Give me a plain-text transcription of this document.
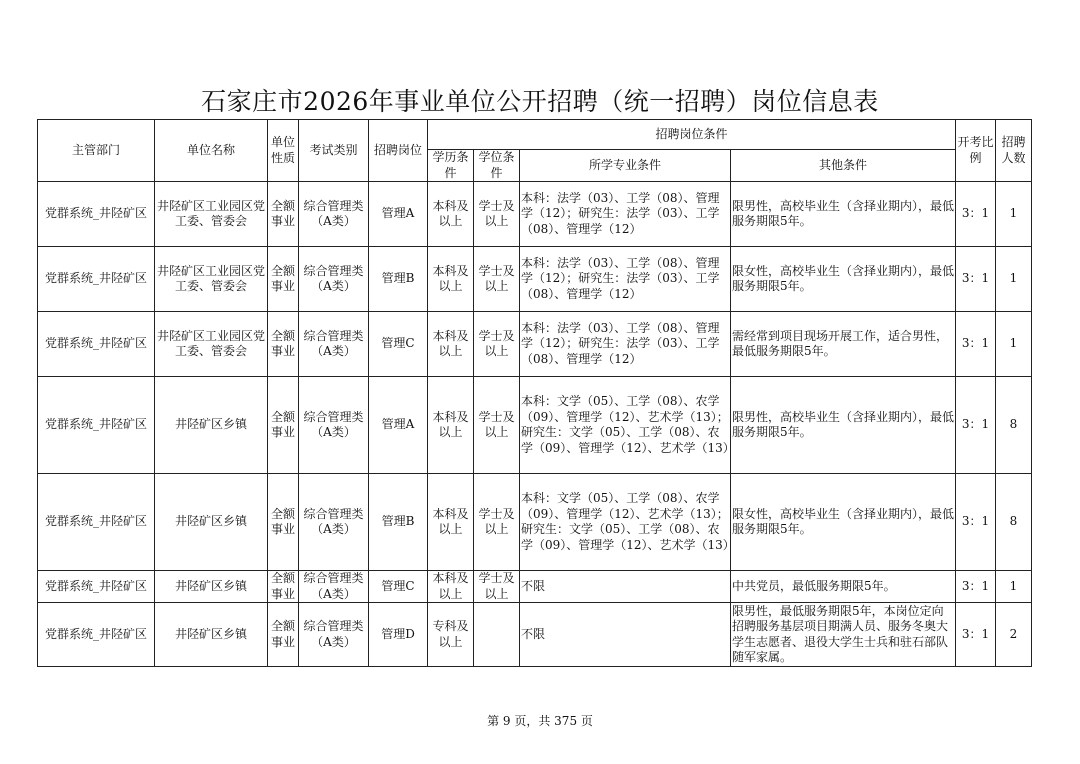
石家庄市2026年事业单位公开招聘（统一招聘）岗位信息表
主管部门	单位名称	单位性质	考试类别	招聘岗位	招聘岗位条件				开考比例	招聘人数
					学历条件	学位条件	所学专业条件	其他条件		
党群系统_井陉矿区	井陉矿区工业园区党工委、管委会	全额事业	综合管理类（A类）	管理A	本科及以上	学士及以上	本科：法学（03）、工学（08）、管理学（12）；研究生：法学（03）、工学（08）、管理学（12）	限男性，高校毕业生（含择业期内），最低服务期限5年。	3：1	1
党群系统_井陉矿区	井陉矿区工业园区党工委、管委会	全额事业	综合管理类（A类）	管理B	本科及以上	学士及以上	本科：法学（03）、工学（08）、管理学（12）；研究生：法学（03）、工学（08）、管理学（12）	限女性，高校毕业生（含择业期内），最低服务期限5年。	3：1	1
党群系统_井陉矿区	井陉矿区工业园区党工委、管委会	全额事业	综合管理类（A类）	管理C	本科及以上	学士及以上	本科：法学（03）、工学（08）、管理学（12）；研究生：法学（03）、工学（08）、管理学（12）	需经常到项目现场开展工作，适合男性，最低服务期限5年。	3：1	1
党群系统_井陉矿区	井陉矿区乡镇	全额事业	综合管理类（A类）	管理A	本科及以上	学士及以上	本科：文学（05）、工学（08）、农学（09）、管理学（12）、艺术学（13）；研究生：文学（05）、工学（08）、农学（09）、管理学（12）、艺术学（13）	限男性，高校毕业生（含择业期内），最低服务期限5年。	3：1	8
党群系统_井陉矿区	井陉矿区乡镇	全额事业	综合管理类（A类）	管理B	本科及以上	学士及以上	本科：文学（05）、工学（08）、农学（09）、管理学（12）、艺术学（13）；研究生：文学（05）、工学（08）、农学（09）、管理学（12）、艺术学（13）	限女性，高校毕业生（含择业期内），最低服务期限5年。	3：1	8
党群系统_井陉矿区	井陉矿区乡镇	全额事业	综合管理类（A类）	管理C	本科及以上	学士及以上	不限	中共党员，最低服务期限5年。	3：1	1
党群系统_井陉矿区	井陉矿区乡镇	全额事业	综合管理类（A类）	管理D	专科及以上		不限	限男性，最低服务期限5年，本岗位定向招聘服务基层项目期满人员、服务冬奥大学生志愿者、退役大学生士兵和驻石部队随军家属。	3：1	2
第 9 页，共 375 页
